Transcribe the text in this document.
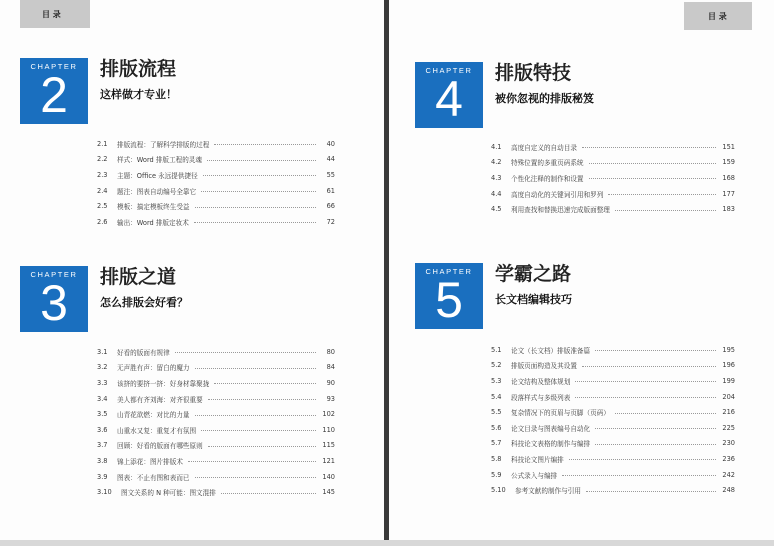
目 录
CHAPTER
2	排版流程
这样做才专业！
2.1	排版流程：了解科学排版的过程	40
2.2	样式：Word 排版工程的灵魂	44
2.3	主题：Office 永远提供捷径	55
2.4	题注：图表自动编号全靠它	61
2.5	模板：搞定模板终生受益	66
2.6	输出：Word 排版定妆术	72
CHAPTER
3	排版之道
怎么排版会好看？
3.1	好看的版面有规律	80
3.2	无声胜有声：留白的魔力	84
3.3	该挤的要挤一挤：好身材靠聚拢	90
3.4	美人都有齐刘海：对齐很重要	93
3.5	山青花欲燃：对比的力量	102
3.6	山重水又复：重复才有氛围	110
3.7	回顾：好看的版面有哪些原则	115
3.8	锦上添花：图片排版术	121
3.9	图表：不止有图和表而已	140
3.10	图文关系的 N 种可能：图文混排	145
目 录
CHAPTER
4	排版特技
被你忽视的排版秘笈
4.1	高度自定义的自动目录	151
4.2	特殊位置的多重页码系统	159
4.3	个性化注释的制作和设置	168
4.4	高度自动化的关键词引用和罗列	177
4.5	利用查找和替换迅速完成版面整理	183
CHAPTER
5	学霸之路
长文档编辑技巧
5.1	论文（长文档）排版准备篇	195
5.2	排版页面构造及其设置	196
5.3	论文结构及整体规划	199
5.4	段落样式与多级列表	204
5.5	复杂情况下的页眉与页脚（页码）	216
5.6	论文目录与图表编号自动化	225
5.7	科技论文表格的制作与编排	230
5.8	科技论文图片编排	236
5.9	公式录入与编排	242
5.10	参考文献的制作与引用	248
